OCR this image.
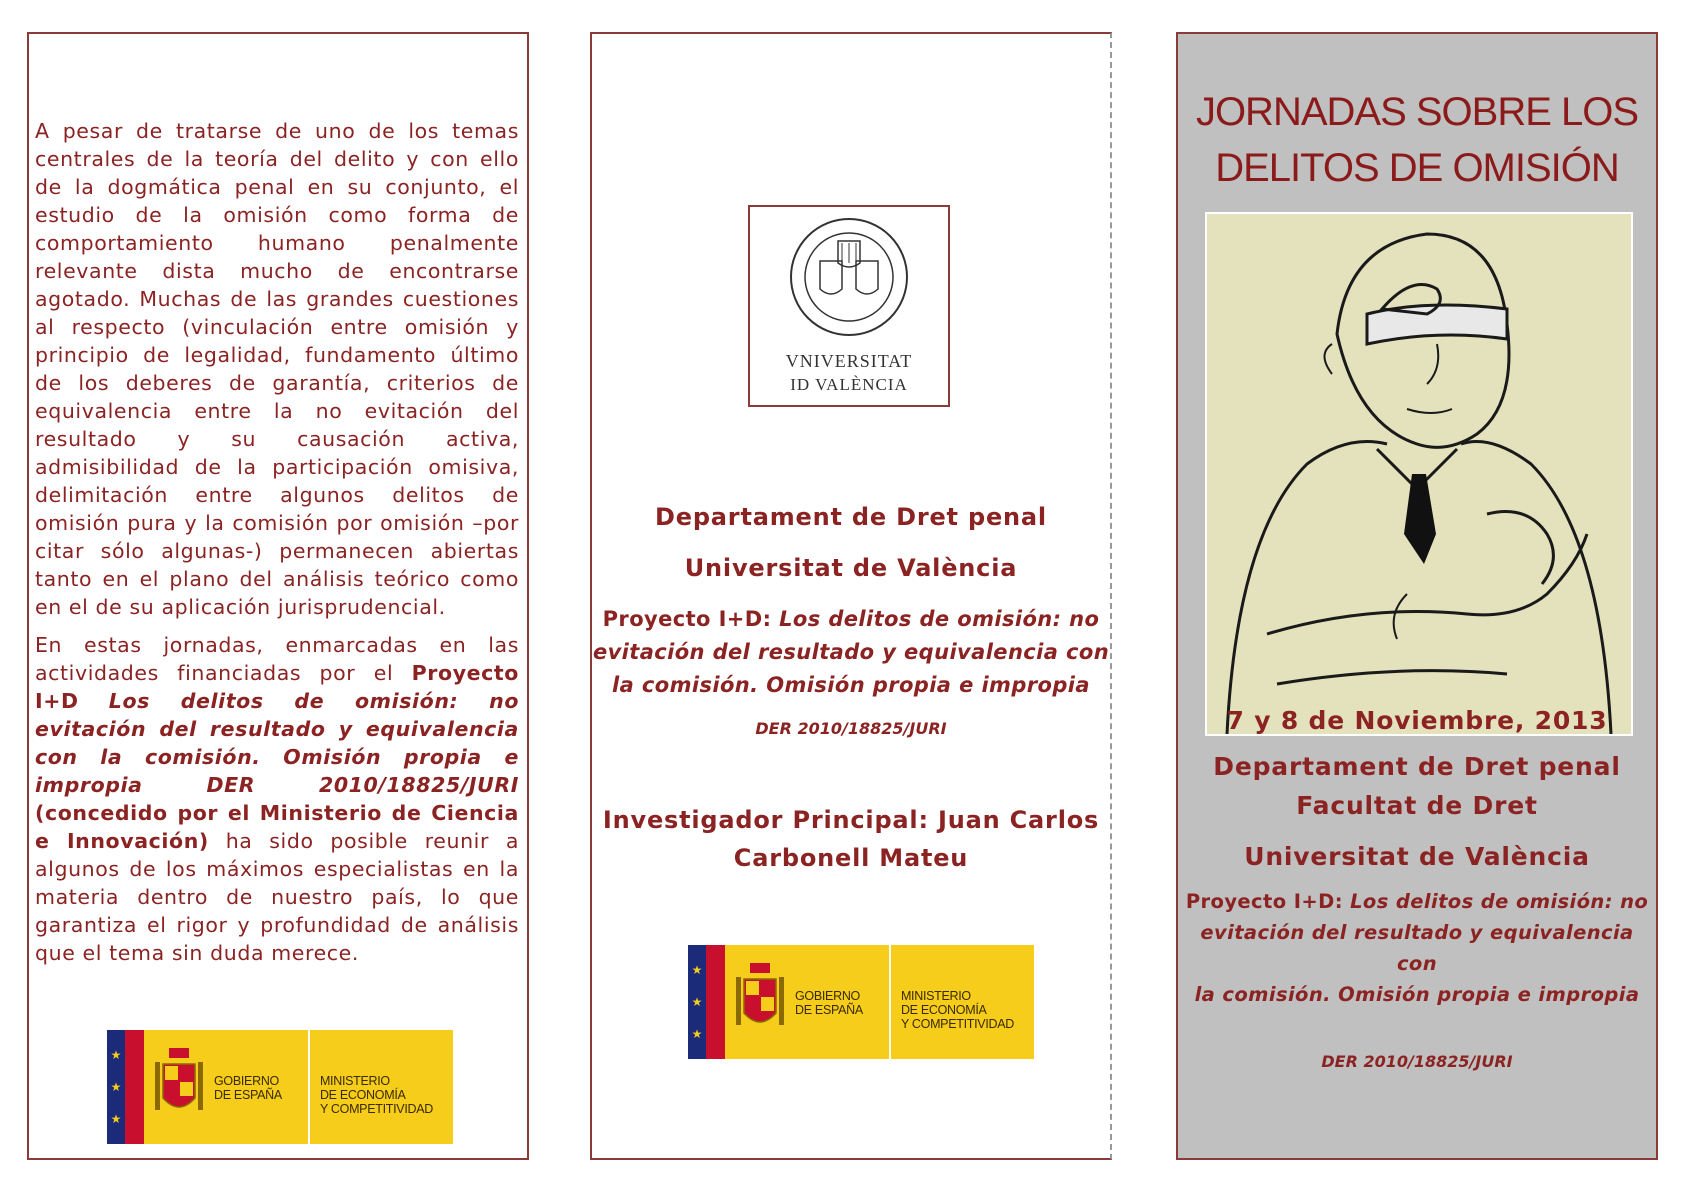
A pesar de tratarse de uno de los temas centrales de la teoría del delito y con ello de la dogmática penal en su conjunto, el estudio de la omisión como forma de comportamiento humano penalmente relevante dista mucho de encontrarse agotado. Muchas de las grandes cuestiones al respecto (vinculación entre omisión y principio de legalidad, fundamento último de los deberes de garantía, criterios de equivalencia entre la no evitación del resultado y su causación activa, admisibilidad de la participación omisiva, delimitación entre algunos delitos de omisión pura y la comisión por omisión –por citar sólo algunas-) permanecen abiertas tanto en el plano del análisis teórico como en el de su aplicación jurisprudencial.

En estas jornadas, enmarcadas en las actividades financiadas por el Proyecto I+D Los delitos de omisión: no evitación del resultado y equivalencia con la comisión. Omisión propia e impropia DER 2010/18825/JURI (concedido por el Ministerio de Ciencia e Innovación) ha sido posible reunir a algunos de los máximos especialistas en la materia dentro de nuestro país, lo que garantiza el rigor y profundidad de análisis que el tema sin duda merece.

★
★
★
GOBIERNO
DE ESPAÑA
MINISTERIO
DE ECONOMÍA
Y COMPETITIVIDAD
VNIVERSITAT
ID VALÈNCIA
Departament de Dret penal
Universitat de València
Proyecto I+D: Los delitos de omisión: no
evitación del resultado y equivalencia con
la comisión. Omisión propia e impropia
DER 2010/18825/JURI
Investigador Principal: Juan Carlos
Carbonell Mateu
★
★
★
GOBIERNO
DE ESPAÑA
MINISTERIO
DE ECONOMÍA
Y COMPETITIVIDAD
JORNADAS SOBRE LOS
DELITOS DE OMISIÓN
7 y 8 de Noviembre, 2013
Departament de Dret penal
Facultat de Dret
Universitat de València
Proyecto I+D: Los delitos de omisión: no
evitación del resultado y equivalencia con
la comisión. Omisión propia e impropia
DER 2010/18825/JURI
